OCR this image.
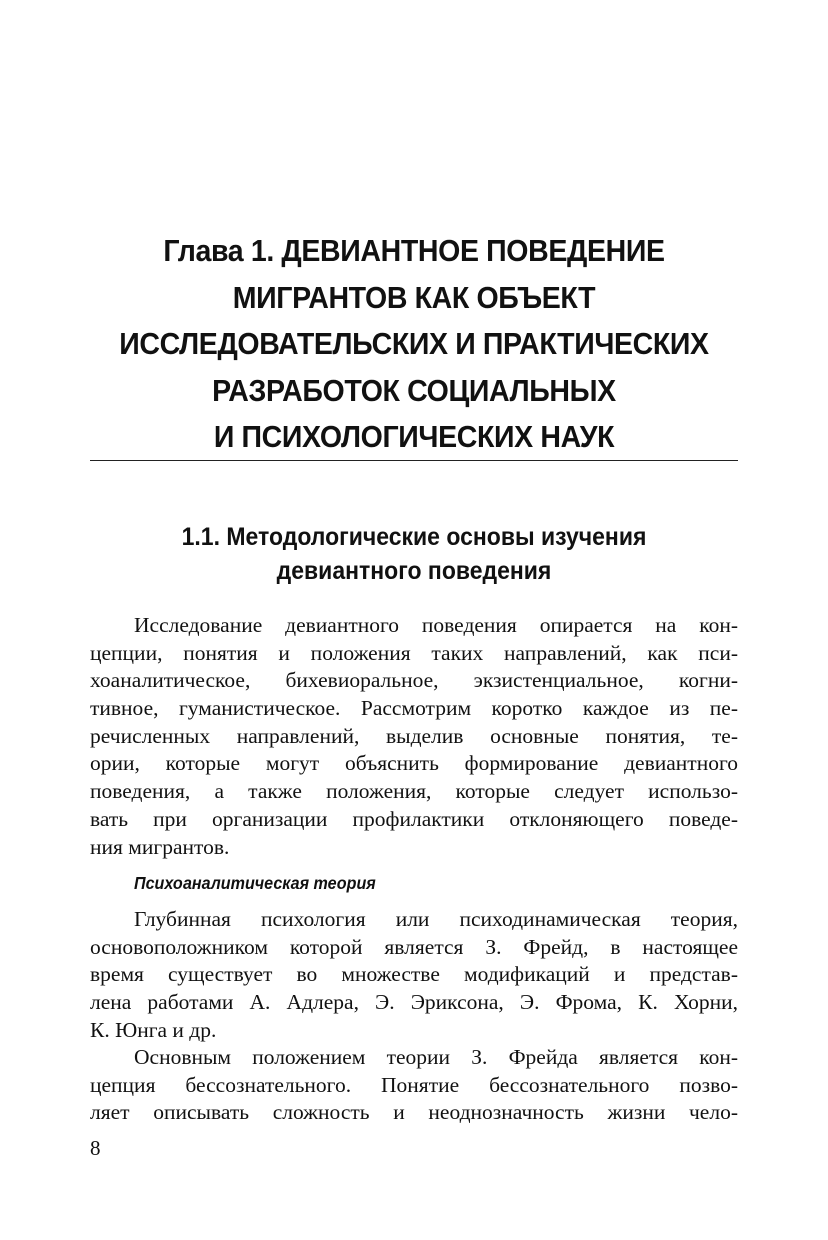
Глава 1. ДЕВИАНТНОЕ ПОВЕДЕНИЕ
МИГРАНТОВ КАК ОБЪЕКТ
ИССЛЕДОВАТЕЛЬСКИХ И ПРАКТИЧЕСКИХ
РАЗРАБОТОК СОЦИАЛЬНЫХ
И ПСИХОЛОГИЧЕСКИХ НАУК
1.1. Методологические основы изучения
девиантного поведения
Исследование девиантного поведения опирается на кон-
цепции, понятия и положения таких направлений, как пси-
хоаналитическое, бихевиоральное, экзистенциальное, когни-
тивное, гуманистическое. Рассмотрим коротко каждое из пе-
речисленных направлений, выделив основные понятия, те-
ории, которые могут объяснить формирование девиантного
поведения, а также положения, которые следует использо-
вать при организации профилактики отклоняющего поведе-
ния мигрантов.
Психоаналитическая теория
Глубинная психология или психодинамическая теория,
основоположником которой является З. Фрейд, в настоящее
время существует во множестве модификаций и представ-
лена работами А. Адлера, Э. Эриксона, Э. Фрома, К. Хорни,
К. Юнга и др.
Основным положением теории З. Фрейда является кон-
цепция бессознательного. Понятие бессознательного позво-
ляет описывать сложность и неоднозначность жизни чело-
8
